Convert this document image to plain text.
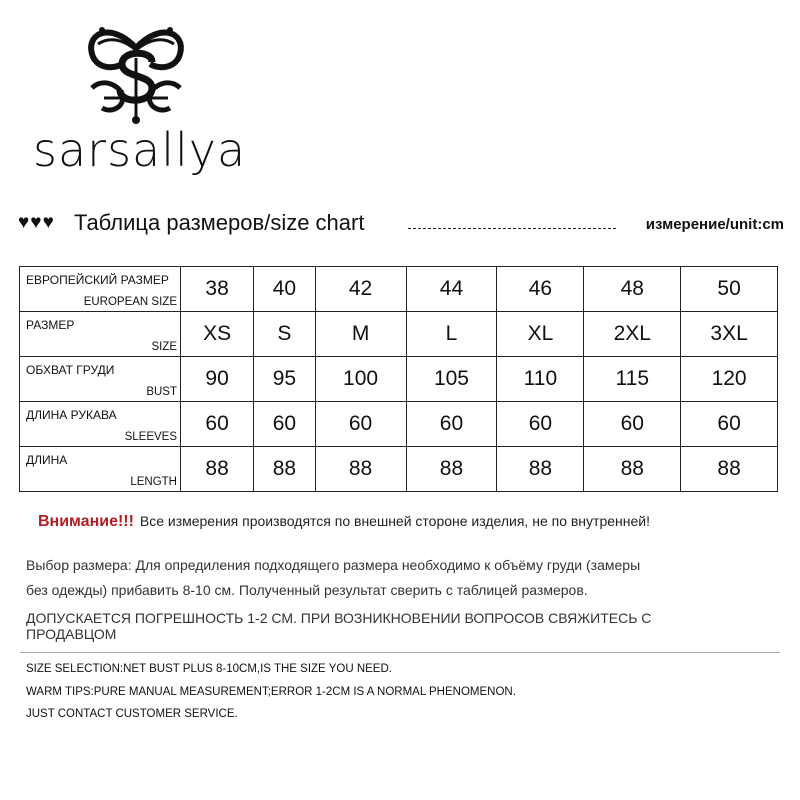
sarsallya
♥♥♥ Таблица размеров/size chart	измерение/unit:cm
ЕВРОПЕЙСКИЙ РАЗМЕР
EUROPEAN SIZE	38	40	42	44	46	48	50

РАЗМЕР
SIZE	XS	S	M	L	XL	2XL	3XL

ОБХВАТ ГРУДИ
BUST	90	95	100	105	110	115	120

ДЛИНА РУКАВА
SLEEVES	60	60	60	60	60	60	60

ДЛИНА
LENGTH	88	88	88	88	88	88	88
Внимание!!! Все измерения производятся по внешней стороне изделия, не по внутренней!
Выбор размера: Для опредиления подходящего размера необходимо к объёму груди (замеры
без одежды) прибавить 8-10 см. Полученный результат сверить с таблицей размеров.
ДОПУСКАЕТСЯ ПОГРЕШНОСТЬ 1-2 СМ. ПРИ ВОЗНИКНОВЕНИИ ВОПРОСОВ СВЯЖИТЕСЬ С ПРОДАВЦОМ
SIZE SELECTION:NET BUST PLUS 8-10CM,IS THE SIZE YOU NEED.
WARM TIPS:PURE MANUAL MEASUREMENT;ERROR 1-2CM IS A NORMAL PHENOMENON.
JUST CONTACT CUSTOMER SERVICE.
